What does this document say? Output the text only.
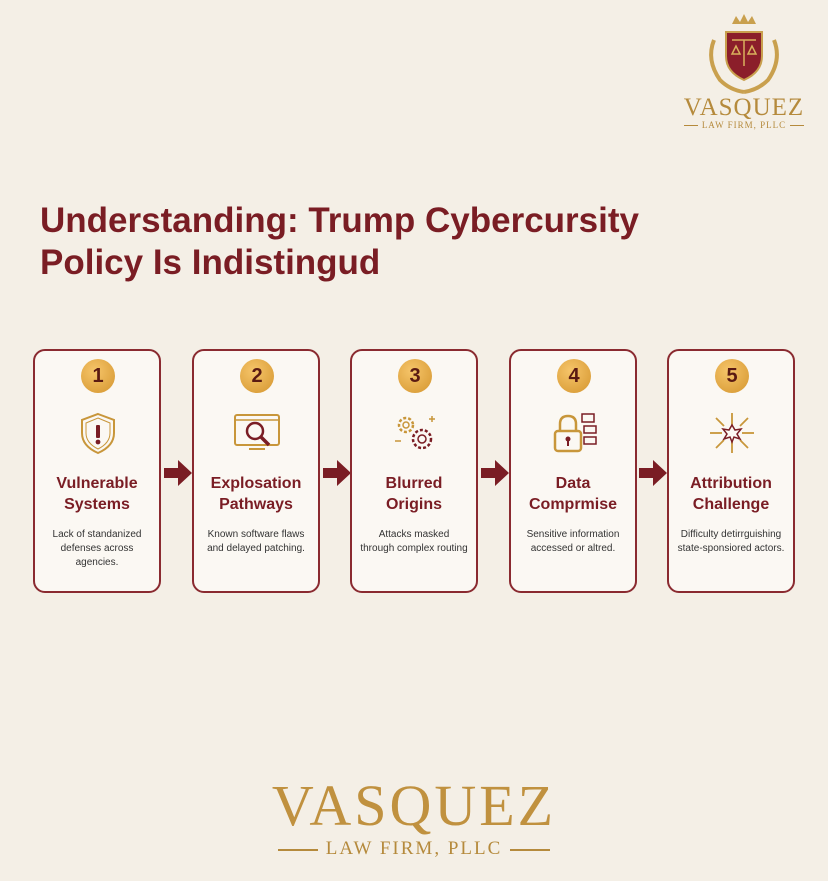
VASQUEZ
LAW FIRM, PLLC
Understanding: Trump Cybercursity
Policy Is Indistingud
1
Vulnerable
Systems
Lack of standanized
defenses across agencies.
2
Explosation
Pathways
Known software flaws
and delayed patching.
3
Blurred
Origins
Attacks masked
through complex routing
4
Data
Comprmise
Sensitive information
accessed or altred.
5
Attribution
Challenge
Difficulty detirrguishing
state-sponsiored actors.
VASQUEZ
LAW FIRM, PLLC
